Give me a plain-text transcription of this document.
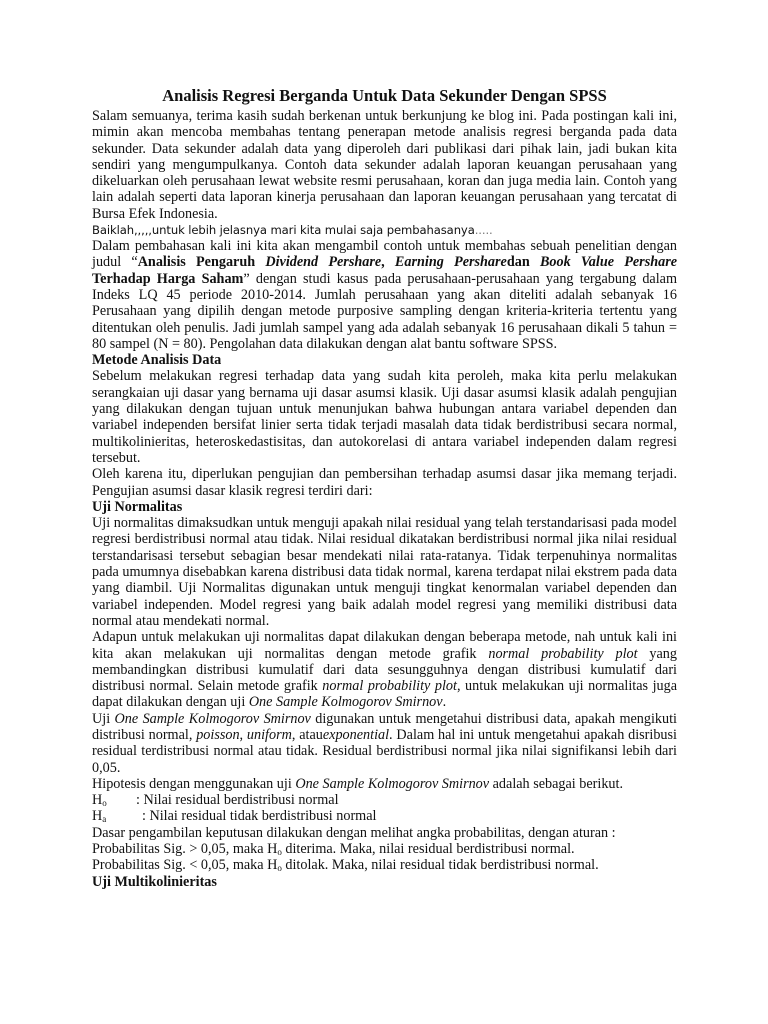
Analisis Regresi Berganda Untuk Data Sekunder Dengan SPSS

Salam semuanya, terima kasih sudah berkenan untuk berkunjung ke blog ini. Pada postingan kali ini, mimin akan mencoba membahas tentang penerapan metode analisis regresi berganda pada data sekunder. Data sekunder adalah data yang diperoleh dari publikasi dari pihak lain, jadi bukan kita sendiri yang mengumpulkanya. Contoh data sekunder adalah laporan keuangan perusahaan yang dikeluarkan oleh perusahaan lewat website resmi perusahaan, koran dan juga media lain. Contoh yang lain adalah seperti data laporan kinerja perusahaan dan laporan keuangan perusahaan yang tercatat di Bursa Efek Indonesia.

Baiklah,,,,,untuk lebih jelasnya mari kita mulai saja pembahasanya.....

Dalam pembahasan kali ini kita akan mengambil contoh untuk membahas sebuah penelitian dengan judul “Analisis Pengaruh Dividend Pershare, Earning Persharedan Book Value Pershare Terhadap Harga Saham” dengan studi kasus pada perusahaan-perusahaan yang tergabung dalam Indeks LQ 45 periode 2010-2014. Jumlah perusahaan yang akan diteliti adalah sebanyak 16 Perusahaan yang dipilih dengan metode purposive sampling dengan kriteria-kriteria tertentu yang ditentukan oleh penulis. Jadi jumlah sampel yang ada adalah sebanyak 16 perusahaan dikali 5 tahun = 80 sampel (N = 80). Pengolahan data dilakukan dengan alat bantu software SPSS.

Metode Analisis Data

Sebelum melakukan regresi terhadap data yang sudah kita peroleh, maka kita perlu melakukan serangkaian uji dasar yang bernama uji dasar asumsi klasik. Uji dasar asumsi klasik adalah pengujian yang dilakukan dengan tujuan untuk menunjukan bahwa hubungan antara variabel dependen dan variabel independen bersifat linier serta tidak terjadi masalah data tidak berdistribusi secara normal, multikolinieritas, heteroskedastisitas, dan autokorelasi di antara variabel independen dalam regresi tersebut.

Oleh karena itu, diperlukan pengujian dan pembersihan terhadap asumsi dasar jika memang terjadi. Pengujian asumsi dasar klasik regresi terdiri dari:

Uji Normalitas

Uji normalitas dimaksudkan untuk menguji apakah nilai residual yang telah terstandarisasi pada model regresi berdistribusi normal atau tidak. Nilai residual dikatakan berdistribusi normal jika nilai residual terstandarisasi tersebut sebagian besar mendekati nilai rata-ratanya. Tidak terpenuhinya normalitas pada umumnya disebabkan karena distribusi data tidak normal, karena terdapat nilai ekstrem pada data yang diambil. Uji Normalitas digunakan untuk menguji tingkat kenormalan variabel dependen dan variabel independen. Model regresi yang baik adalah model regresi yang memiliki distribusi data normal atau mendekati normal.

Adapun untuk melakukan uji normalitas dapat dilakukan dengan beberapa metode, nah untuk kali ini kita akan melakukan uji normalitas dengan metode grafik normal probability plot yang membandingkan distribusi kumulatif dari data sesungguhnya dengan distribusi kumulatif dari distribusi normal. Selain metode grafik normal probability plot, untuk melakukan uji normalitas juga dapat dilakukan dengan uji One Sample Kolmogorov Smirnov.

Uji One Sample Kolmogorov Smirnov digunakan untuk mengetahui distribusi data, apakah mengikuti distribusi normal, poisson, uniform, atauexponential. Dalam hal ini untuk mengetahui apakah disribusi residual terdistribusi normal atau tidak. Residual berdistribusi normal jika nilai signifikansi lebih dari 0,05.

Hipotesis dengan menggunakan uji One Sample Kolmogorov Smirnov adalah sebagai berikut.

$H_o$	: Nilai residual berdistribusi normal
$H_a$	: Nilai residual tidak berdistribusi normal

Dasar pengambilan keputusan dilakukan dengan melihat angka probabilitas, dengan aturan :

Probabilitas Sig. > 0,05, maka $H_o$ diterima. Maka, nilai residual berdistribusi normal.

Probabilitas Sig. < 0,05, maka $H_o$ ditolak. Maka, nilai residual tidak berdistribusi normal.

Uji Multikolinieritas
